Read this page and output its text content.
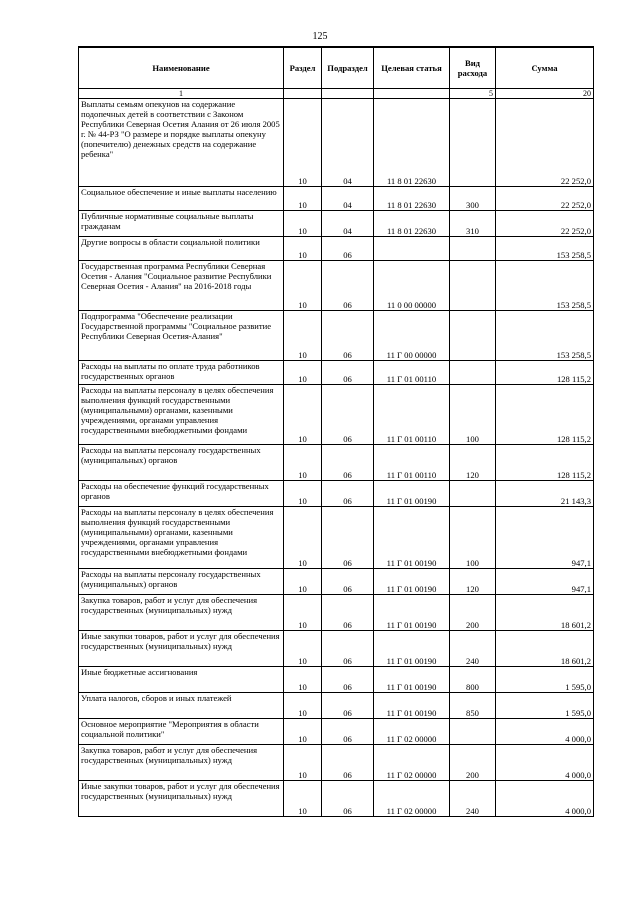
125
Наименование	Раздел	Подраздел	Целевая статья	Вид расхода	Сумма
1				5	20
Выплаты семьям опекунов на содержание подопечных детей в соответствии с Законом Республики Северная Осетия Алания от 26 июля 2005 г. № 44-РЗ "О размере и порядке выплаты опекуну (попечителю) денежных средств на содержание ребенка"	10	04	11 8 01 22630		22 252,0
Социальное обеспечение и иные выплаты населению	10	04	11 8 01 22630	300	22 252,0
Публичные нормативные социальные выплаты гражданам	10	04	11 8 01 22630	310	22 252,0
Другие вопросы в области социальной политики	10	06			153 258,5
Государственная программа Республики Северная Осетия - Алания "Социальное развитие Республики Северная Осетия - Алания" на 2016-2018 годы	10	06	11 0 00 00000		153 258,5
Подпрограмма "Обеспечение реализации Государственной программы "Социальное развитие Республики Северная Осетия-Алания"	10	06	11 Г 00 00000		153 258,5
Расходы на выплаты по оплате труда работников государственных органов	10	06	11 Г 01 00110		128 115,2
Расходы на выплаты персоналу в целях обеспечения выполнения функций государственными (муниципальными) органами, казенными учреждениями, органами управления государственными внебюджетными фондами	10	06	11 Г 01 00110	100	128 115,2
Расходы на выплаты персоналу государственных (муниципальных) органов	10	06	11 Г 01 00110	120	128 115,2
Расходы на обеспечение функций государственных органов	10	06	11 Г 01 00190		21 143,3
Расходы на выплаты персоналу в целях обеспечения выполнения функций государственными (муниципальными) органами, казенными учреждениями, органами управления государственными внебюджетными фондами	10	06	11 Г 01 00190	100	947,1
Расходы на выплаты персоналу государственных (муниципальных) органов	10	06	11 Г 01 00190	120	947,1
Закупка товаров, работ и услуг для обеспечения государственных (муниципальных) нужд	10	06	11 Г 01 00190	200	18 601,2
Иные закупки товаров, работ и услуг для обеспечения государственных (муниципальных) нужд	10	06	11 Г 01 00190	240	18 601,2
Иные бюджетные ассигнования	10	06	11 Г 01 00190	800	1 595,0
Уплата налогов, сборов и иных платежей	10	06	11 Г 01 00190	850	1 595,0
Основное мероприятие "Мероприятия в области социальной политики"	10	06	11 Г 02 00000		4 000,0
Закупка товаров, работ и услуг для обеспечения государственных (муниципальных) нужд	10	06	11 Г 02 00000	200	4 000,0
Иные закупки товаров, работ и услуг для обеспечения государственных (муниципальных) нужд	10	06	11 Г 02 00000	240	4 000,0
